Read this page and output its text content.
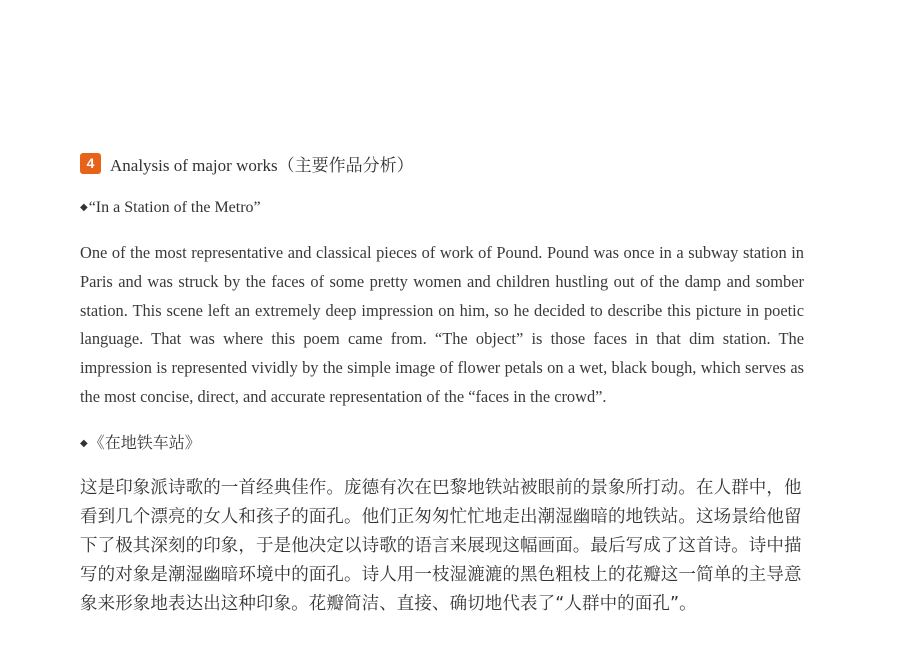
4 Analysis of major works（主要作品分析）
◆“In a Station of the Metro”

One of the most representative and classical pieces of work of Pound. Pound was once in a subway station in Paris and was struck by the faces of some pretty women and children hustling out of the damp and somber station. This scene left an extremely deep impression on him, so he decided to describe this picture in poetic language. That was where this poem came from. “The object” is those faces in that dim station. The impression is represented vividly by the simple image of flower petals on a wet, black bough, which serves as the most concise, direct, and accurate representation of the “faces in the crowd”.

◆《在地铁车站》

这是印象派诗歌的一首经典佳作。庞德有次在巴黎地铁站被眼前的景象所打动。在人群中，他看到几个漂亮的女人和孩子的面孔。他们正匆匆忙忙地走出潮湿幽暗的地铁站。这场景给他留下了极其深刻的印象，于是他决定以诗歌的语言来展现这幅画面。最后写成了这首诗。诗中描写的对象是潮湿幽暗环境中的面孔。诗人用一枝湿漉漉的黑色粗枝上的花瓣这一简单的主导意象来形象地表达出这种印象。花瓣简洁、直接、确切地代表了“人群中的面孔”。
